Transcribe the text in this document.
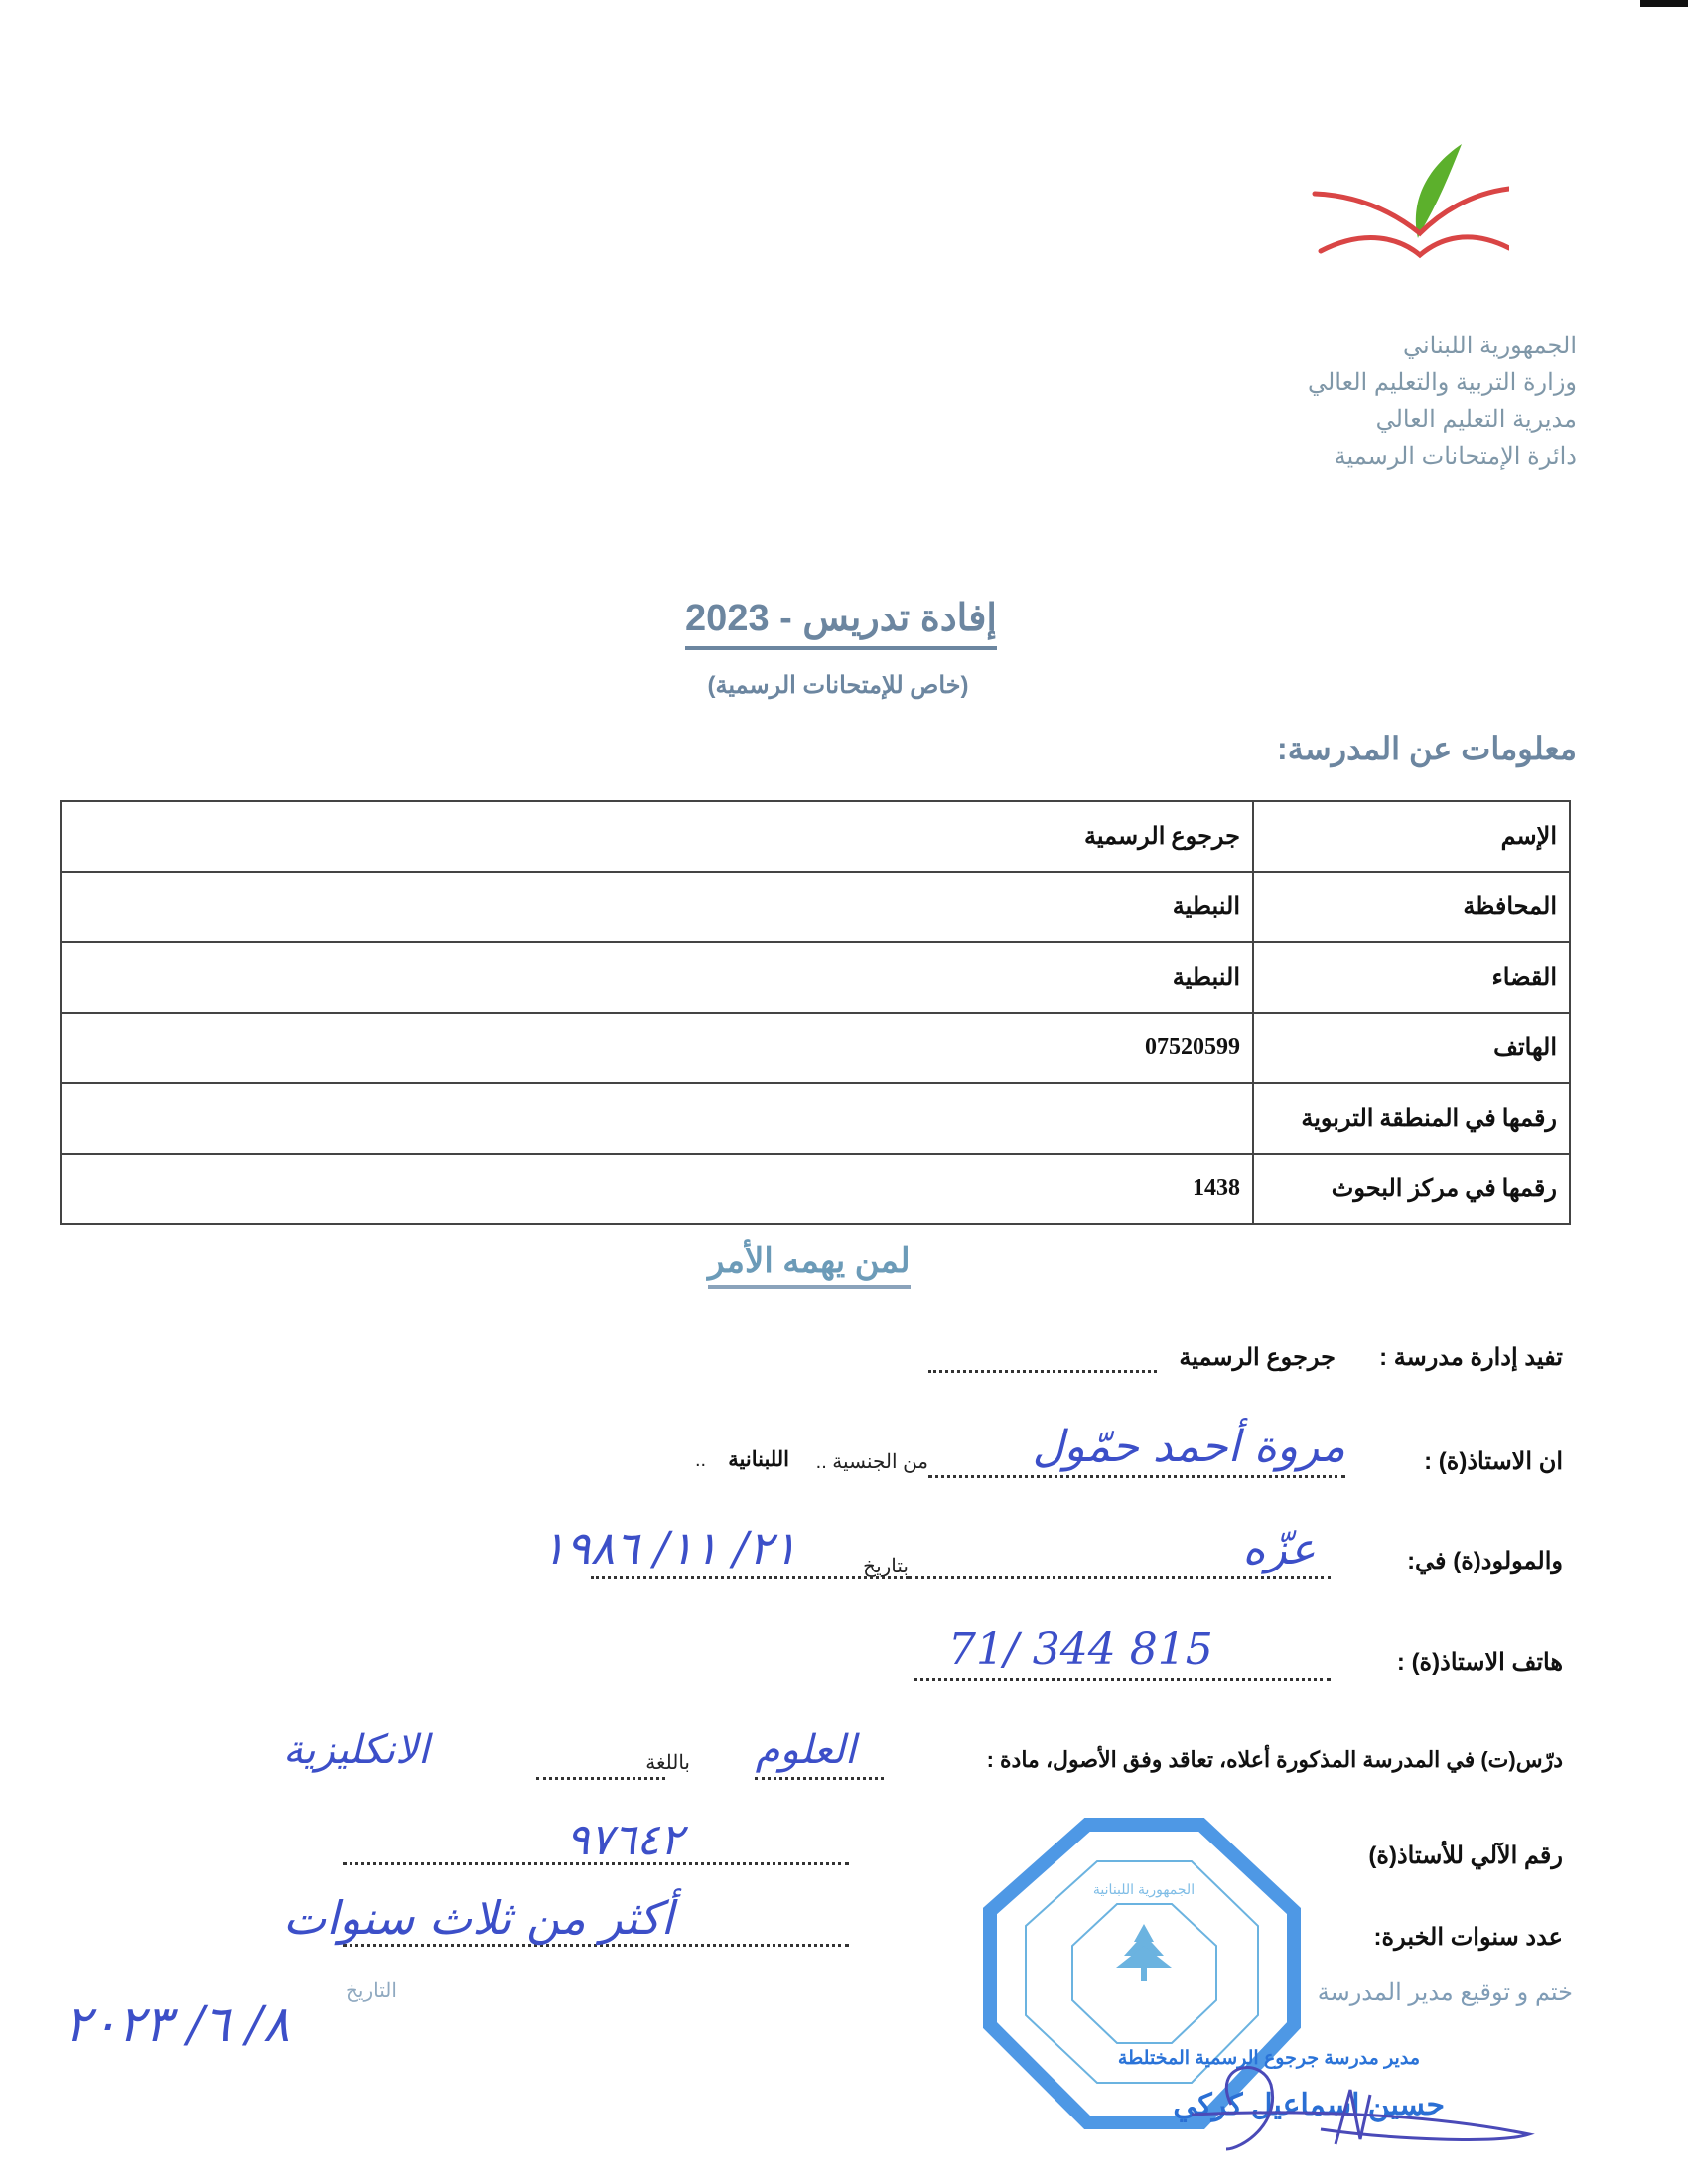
الجمهورية اللبناني
وزارة التربية والتعليم العالي
مديرية التعليم العالي
دائرة الإمتحانات الرسمية
إفادة تدريس - 2023
(خاص للإمتحانات الرسمية)
معلومات عن المدرسة:
الإسم	جرجوع الرسمية
المحافظة	النبطية
القضاء	النبطية
الهاتف	07520599
رقمها في المنطقة التربوية	
رقمها في مركز البحوث	1438
لمن يهمه الأمر
تفيد إدارة مدرسة :
جرجوع الرسمية
ان الاستاذ(ة) :
مروة أحمد حمّول
من الجنسية ..
اللبنانية
..
والمولود(ة) في:
عزّه
بتاريخ
٢١/ ١١/ ١٩٨٦
هاتف الاستاذ(ة) :
71/ 344 815
درّس(ت) في المدرسة المذكورة أعلاه، تعاقد وفق الأصول، مادة :
العلوم
باللغة
الانكليزية
رقم الآلي للأستاذ(ة)
٩٧٦٤٢
عدد سنوات الخبرة:
أكثر من ثلاث سنوات
ختم و توقيع مدير المدرسة
التاريخ
٨/ ٦/ ٢٠٢٣
الجمهورية اللبنانية
مدير مدرسة جرجوع الرسمية المختلطة
حسين اسماعيل كركي
